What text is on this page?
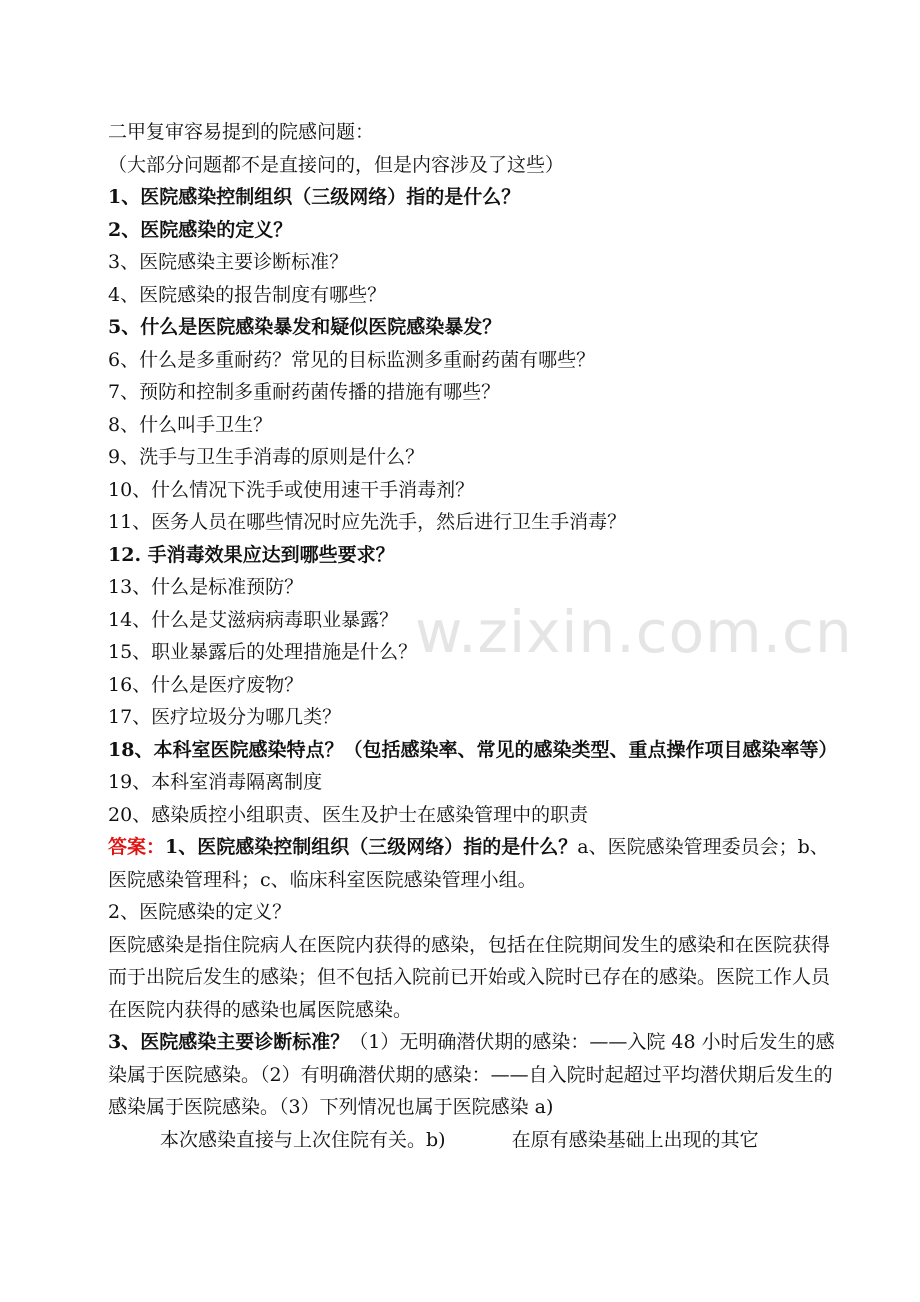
w.zixin.com.cn
二甲复审容易提到的院感问题：
（大部分问题都不是直接问的，但是内容涉及了这些）
1、医院感染控制组织（三级网络）指的是什么？
2、医院感染的定义？
3、医院感染主要诊断标准？
4、医院感染的报告制度有哪些？
5、什么是医院感染暴发和疑似医院感染暴发？
6、什么是多重耐药？常见的目标监测多重耐药菌有哪些？
7、预防和控制多重耐药菌传播的措施有哪些？
8、什么叫手卫生？
9、洗手与卫生手消毒的原则是什么？
10、什么情况下洗手或使用速干手消毒剂？
11、医务人员在哪些情况时应先洗手，然后进行卫生手消毒？
12. 手消毒效果应达到哪些要求？
13、什么是标准预防？
14、什么是艾滋病病毒职业暴露？
15、职业暴露后的处理措施是什么？
16、什么是医疗废物？
17、医疗垃圾分为哪几类？
18、本科室医院感染特点？（包括感染率、常见的感染类型、重点操作项目感染率等）
19、本科室消毒隔离制度
20、感染质控小组职责、医生及护士在感染管理中的职责
答案：1、医院感染控制组织（三级网络）指的是什么？a、医院感染管理委员会；b、医院感染管理科；c、临床科室医院感染管理小组。
2、医院感染的定义？
医院感染是指住院病人在医院内获得的感染，包括在住院期间发生的感染和在医院获得而于出院后发生的感染；但不包括入院前已开始或入院时已存在的感染。医院工作人员在医院内获得的感染也属医院感染。
3、医院感染主要诊断标准？（1）无明确潜伏期的感染：——入院 48 小时后发生的感染属于医院感染。（2）有明确潜伏期的感染：——自入院时起超过平均潜伏期后发生的感染属于医院感染。（3）下列情况也属于医院感染 a)
本次感染直接与上次住院有关。b)	在原有感染基础上出现的其它
